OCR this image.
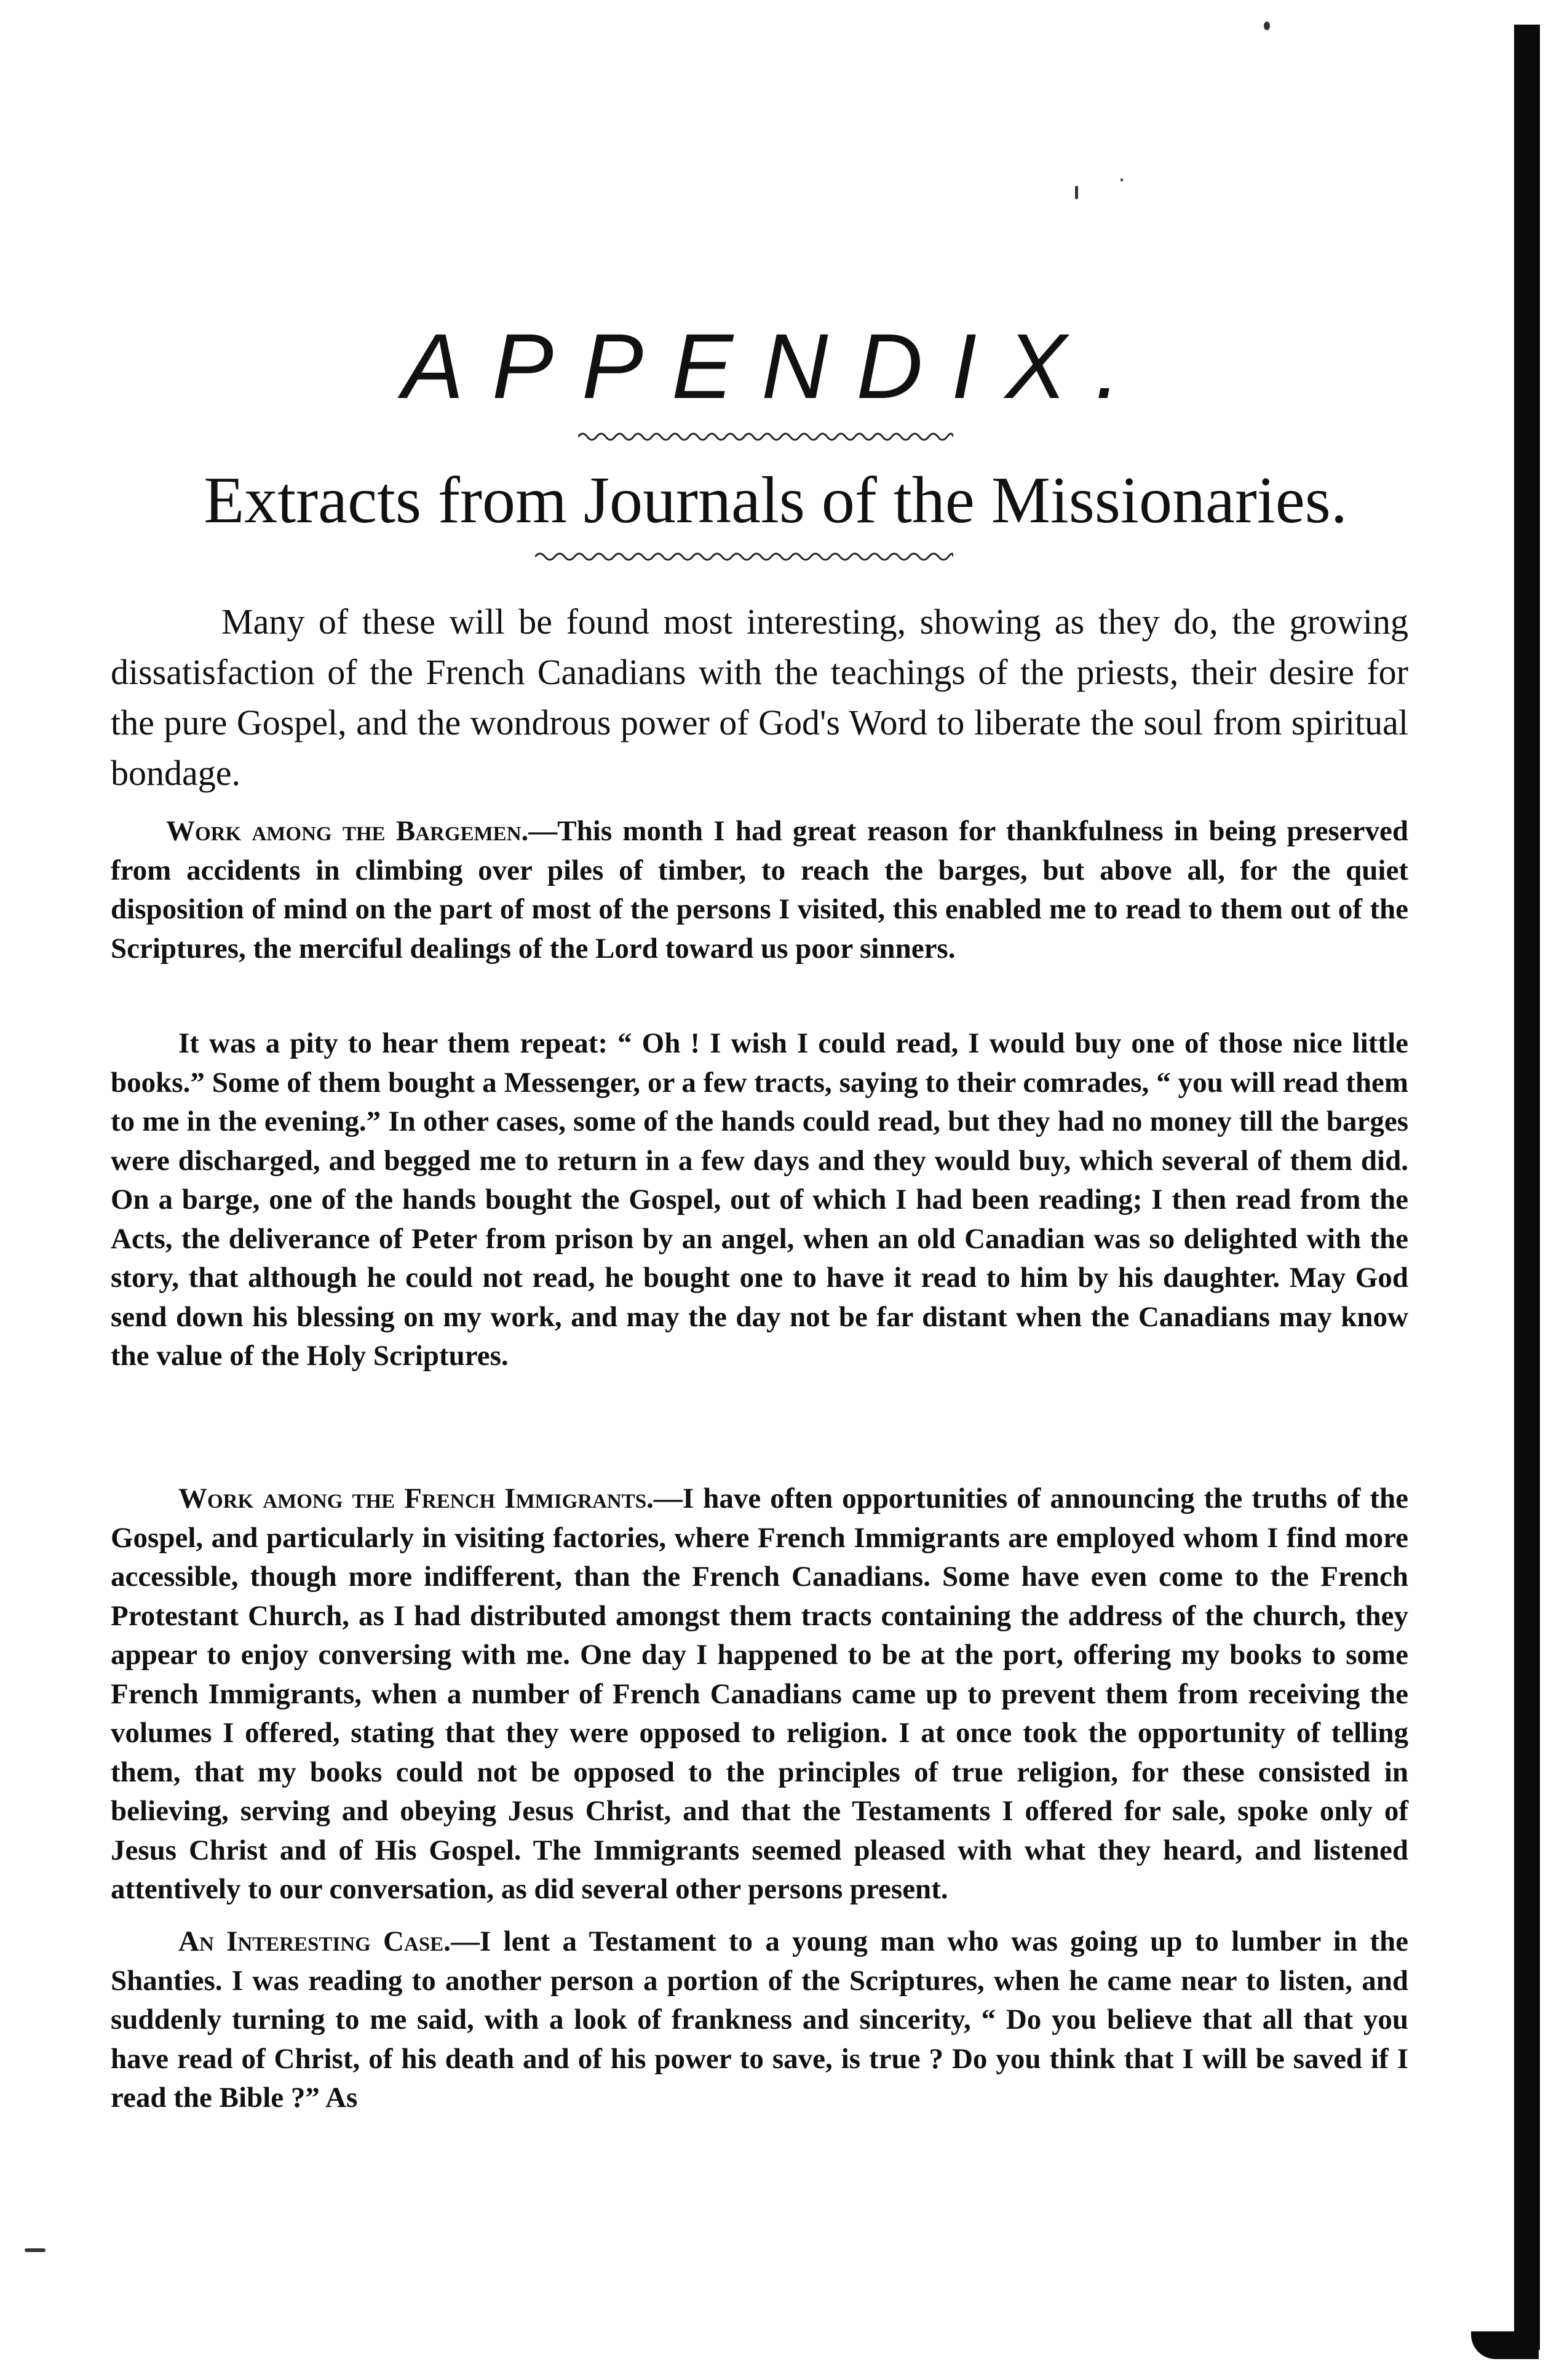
APPENDIX.
Extracts from Journals of the Missionaries.

Many of these will be found most interesting, showing as they do, the growing dissatisfaction of the French Canadians with the teachings of the priests, their desire for the pure Gospel, and the wondrous power of God's Word to liberate the soul from spiritual bondage.

Work among the Bargemen.—This month I had great reason for thankfulness in being preserved from accidents in climbing over piles of timber, to reach the barges, but above all, for the quiet disposition of mind on the part of most of the persons I visited, this enabled me to read to them out of the Scriptures, the merciful dealings of the Lord toward us poor sinners.

It was a pity to hear them repeat: “ Oh ! I wish I could read, I would buy one of those nice little books.” Some of them bought a Messenger, or a few tracts, saying to their comrades, “ you will read them to me in the evening.” In other cases, some of the hands could read, but they had no money till the barges were discharged, and begged me to return in a few days and they would buy, which several of them did. On a barge, one of the hands bought the Gospel, out of which I had been reading; I then read from the Acts, the deliverance of Peter from prison by an angel, when an old Canadian was so delighted with the story, that although he could not read, he bought one to have it read to him by his daughter. May God send down his blessing on my work, and may the day not be far distant when the Canadians may know the value of the Holy Scriptures.

Work among the French Immigrants.—I have often opportunities of announcing the truths of the Gospel, and particularly in visiting factories, where French Immigrants are employed whom I find more accessible, though more indifferent, than the French Canadians. Some have even come to the French Protestant Church, as I had distributed amongst them tracts containing the address of the church, they appear to enjoy conversing with me. One day I happened to be at the port, offering my books to some French Immigrants, when a number of French Canadians came up to prevent them from receiving the volumes I offered, stating that they were opposed to religion. I at once took the opportunity of telling them, that my books could not be opposed to the principles of true religion, for these consisted in believing, serving and obeying Jesus Christ, and that the Testaments I offered for sale, spoke only of Jesus Christ and of His Gospel. The Immigrants seemed pleased with what they heard, and listened attentively to our conversation, as did several other persons present.

An Interesting Case.—I lent a Testament to a young man who was going up to lumber in the Shanties. I was reading to another person a portion of the Scriptures, when he came near to listen, and suddenly turning to me said, with a look of frankness and sincerity, “ Do you believe that all that you have read of Christ, of his death and of his power to save, is true ? Do you think that I will be saved if I read the Bible ?” As
